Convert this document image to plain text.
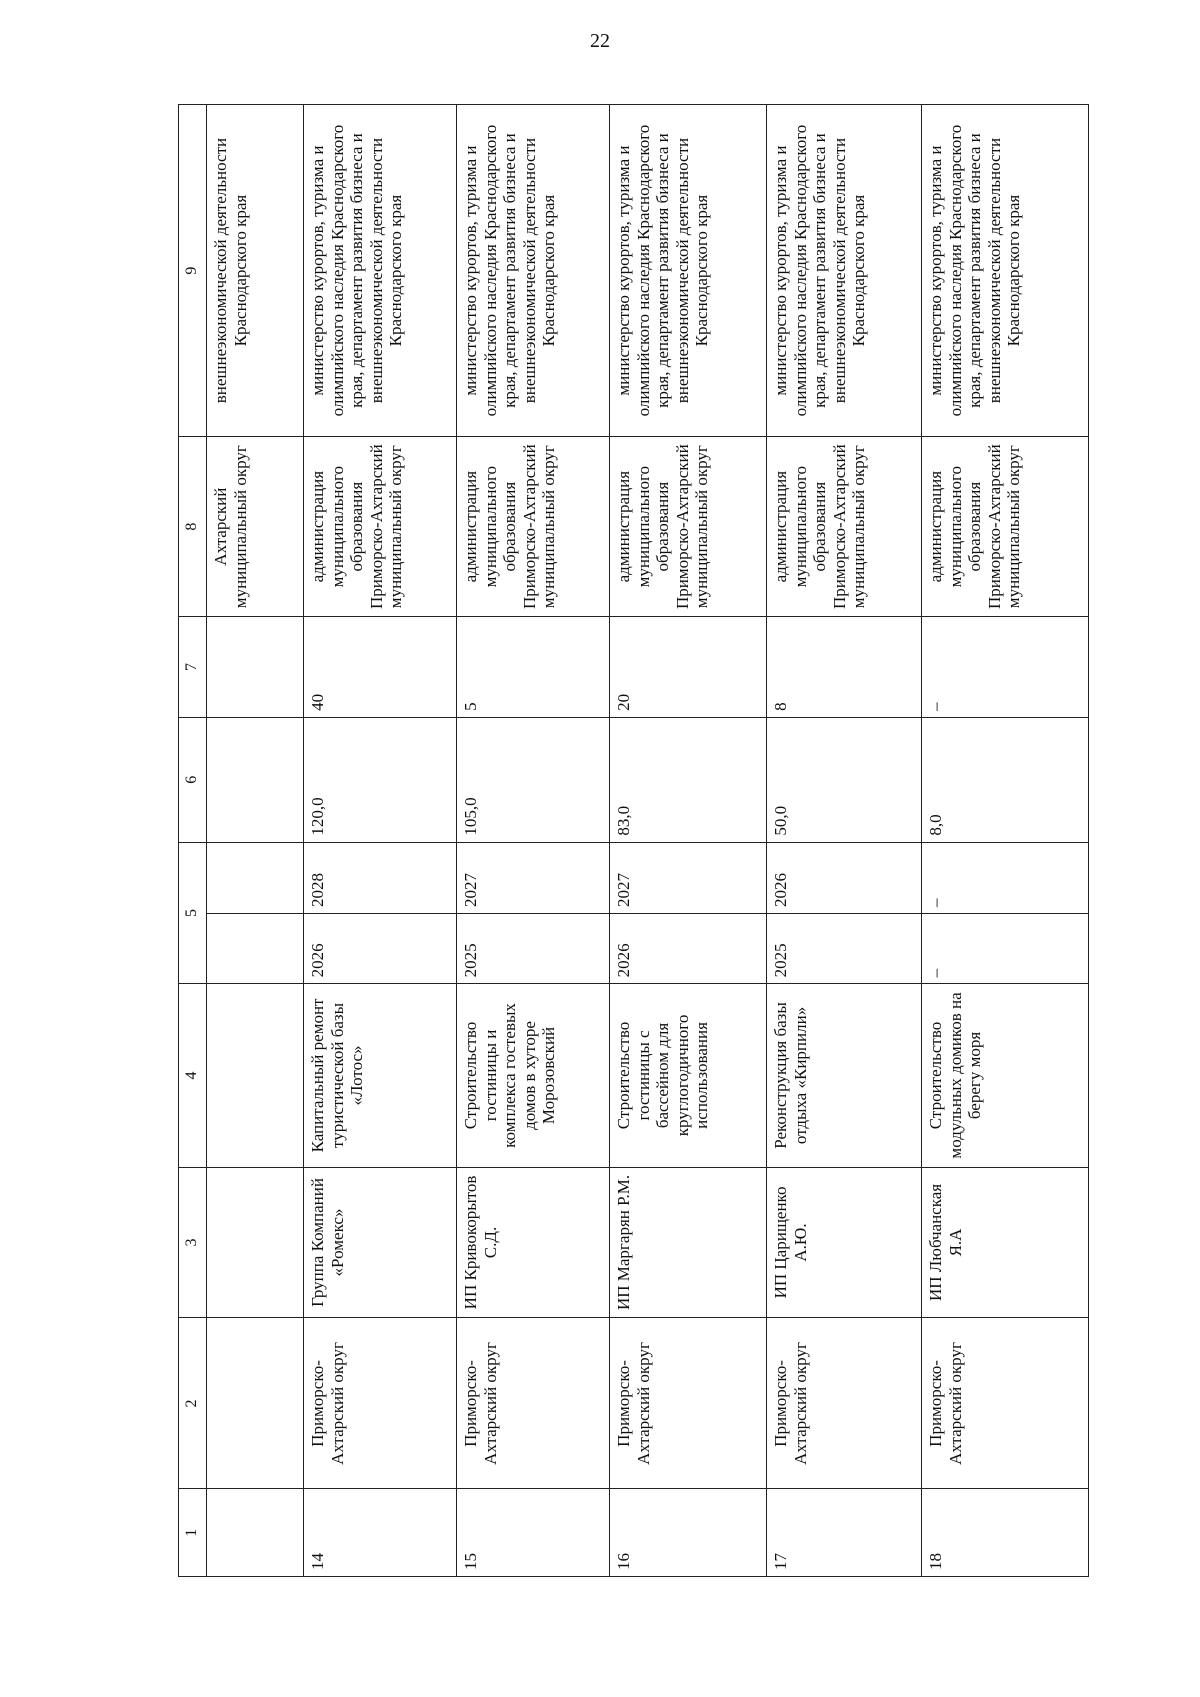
22
1	2	3	4	5		6	7	8	9
								Ахтарский муниципальный округ	внешнеэкономической деятельности Краснодарского края
14	Приморско-Ахтарский округ	Группа Компаний «Ромекс»	Капитальный ремонт туристической базы «Лотос»	2026	2028	120,0	40	администрация муниципального образования Приморско-Ахтарский муниципальный округ	министерство курортов, туризма и олимпийского наследия Краснодарского края, департамент развития бизнеса и внешнеэкономической деятельности Краснодарского края
15	Приморско-Ахтарский округ	ИП Кривокорытов С.Д.	Строительство гостиницы и комплекса гостевых домов в хуторе Морозовский	2025	2027	105,0	5	администрация муниципального образования Приморско-Ахтарский муниципальный округ	министерство курортов, туризма и олимпийского наследия Краснодарского края, департамент развития бизнеса и внешнеэкономической деятельности Краснодарского края
16	Приморско-Ахтарский округ	ИП Маргарян Р.М.	Строительство гостиницы с бассейном для круглогодичного использования	2026	2027	83,0	20	администрация муниципального образования Приморско-Ахтарский муниципальный округ	министерство курортов, туризма и олимпийского наследия Краснодарского края, департамент развития бизнеса и внешнеэкономической деятельности Краснодарского края
17	Приморско-Ахтарский округ	ИП Царищенко А.Ю.	Реконструкция базы отдыха «Кирпили»	2025	2026	50,0	8	администрация муниципального образования Приморско-Ахтарский муниципальный округ	министерство курортов, туризма и олимпийского наследия Краснодарского края, департамент развития бизнеса и внешнеэкономической деятельности Краснодарского края
18	Приморско-Ахтарский округ	ИП Любчанская Я.А	Строительство модульных домиков на берегу моря	–	–	8,0	–	администрация муниципального образования Приморско-Ахтарский муниципальный округ	министерство курортов, туризма и олимпийского наследия Краснодарского края, департамент развития бизнеса и внешнеэкономической деятельности Краснодарского края
